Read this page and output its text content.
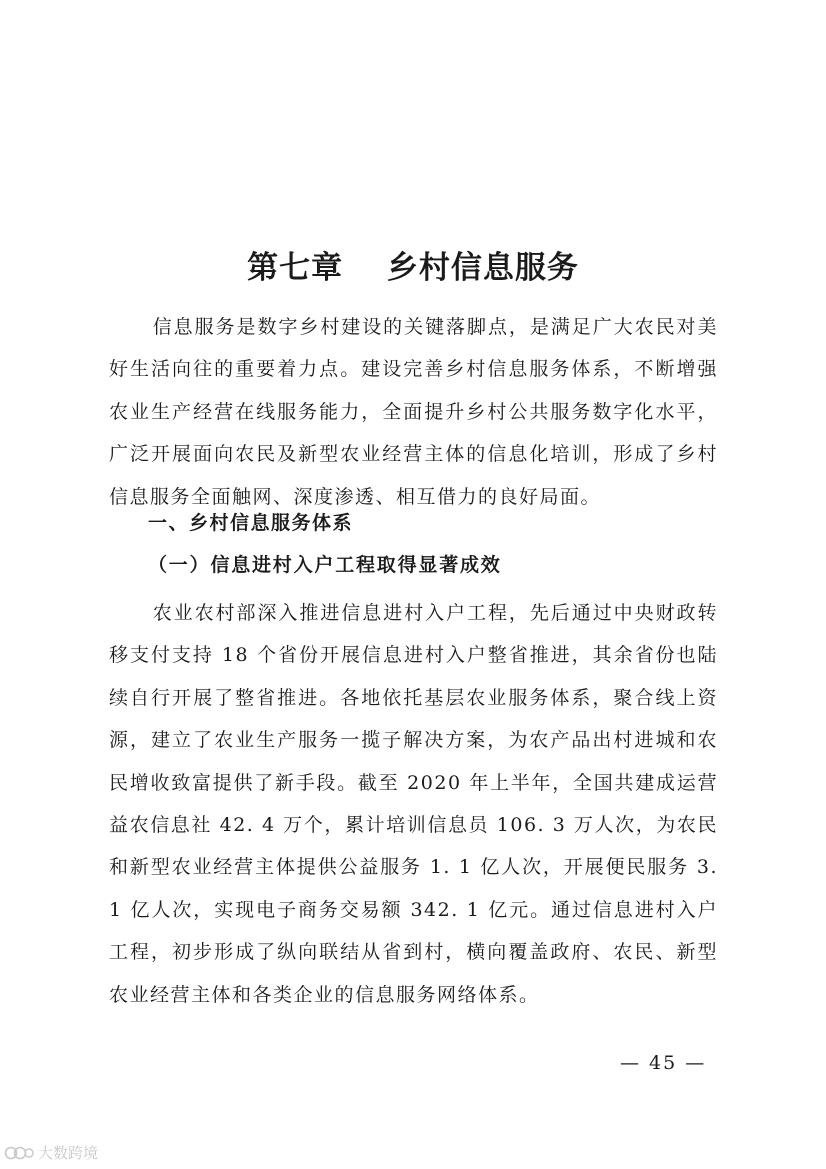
第七章　 乡村信息服务

信息服务是数字乡村建设的关键落脚点，是满足广大农民对美好生活向往的重要着力点。建设完善乡村信息服务体系，不断增强农业生产经营在线服务能力，全面提升乡村公共服务数字化水平，广泛开展面向农民及新型农业经营主体的信息化培训，形成了乡村信息服务全面触网、深度渗透、相互借力的良好局面。

一、乡村信息服务体系
（一）信息进村入户工程取得显著成效

农业农村部深入推进信息进村入户工程，先后通过中央财政转移支付支持 18 个省份开展信息进村入户整省推进，其余省份也陆续自行开展了整省推进。各地依托基层农业服务体系，聚合线上资源，建立了农业生产服务一揽子解决方案，为农产品出村进城和农民增收致富提供了新手段。截至 2020 年上半年，全国共建成运营益农信息社 42. 4 万个，累计培训信息员 106. 3 万人次，为农民和新型农业经营主体提供公益服务 1. 1 亿人次，开展便民服务 3. 1 亿人次，实现电子商务交易额 342. 1 亿元。通过信息进村入户工程，初步形成了纵向联结从省到村，横向覆盖政府、农民、新型农业经营主体和各类企业的信息服务网络体系。

— 45 —
大数跨境
